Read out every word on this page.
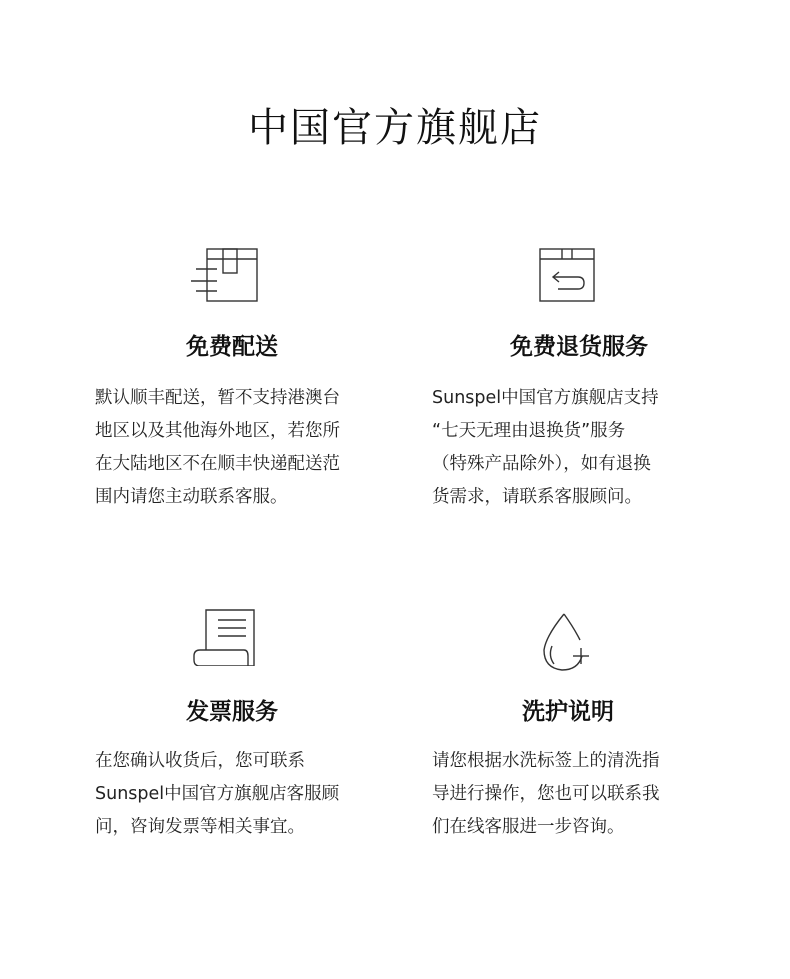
中国官方旗舰店
免费配送

默认顺丰配送，暂不支持港澳台
地区以及其他海外地区，若您所
在大陆地区不在顺丰快递配送范
围内请您主动联系客服。

免费退货服务

Sunspel中国官方旗舰店支持
“七天无理由退换货”服务
（特殊产品除外），如有退换
货需求，请联系客服顾问。

发票服务

在您确认收货后，您可联系
Sunspel中国官方旗舰店客服顾
问，咨询发票等相关事宜。

洗护说明

请您根据水洗标签上的清洗指
导进行操作，您也可以联系我
们在线客服进一步咨询。
